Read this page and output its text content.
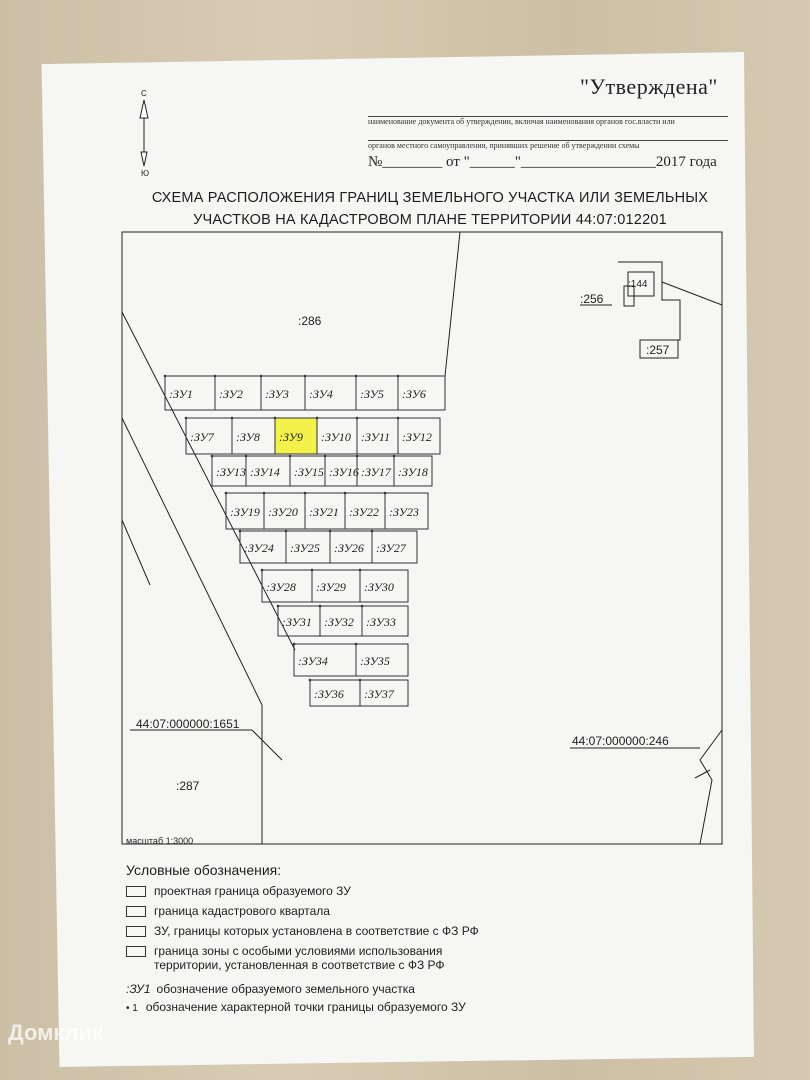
"Утверждена"
наименование документа об утверждении, включая наименования органов гос.власти или
органов местного самоуправления, принявших решение об утверждении схемы
№________ от "______"__________________2017 года
СХЕМА РАСПОЛОЖЕНИЯ ГРАНИЦ ЗЕМЕЛЬНОГО УЧАСТКА ИЛИ ЗЕМЕЛЬНЫХ
УЧАСТКОВ НА КАДАСТРОВОМ ПЛАНЕ ТЕРРИТОРИИ 44:07:012201
С
Ю
:286
:287
:256
:144
:257
44:07:000000:1651
44:07:000000:246
:ЗУ1 :ЗУ2 :ЗУ3 :ЗУ4 :ЗУ5 :ЗУ6
:ЗУ7 :ЗУ8 :ЗУ9 :ЗУ10 :ЗУ11 :ЗУ12
:ЗУ13 :ЗУ14 :ЗУ15 :ЗУ16 :ЗУ17 :ЗУ18
:ЗУ19 :ЗУ20 :ЗУ21 :ЗУ22 :ЗУ23
:ЗУ24 :ЗУ25 :ЗУ26 :ЗУ27
:ЗУ28 :ЗУ29 :ЗУ30
:ЗУ31 :ЗУ32 :ЗУ33
:ЗУ34	:ЗУ35
:ЗУ36 :ЗУ37
масштаб 1:3000
Условные обозначения:
проектная граница образуемого ЗУ
граница кадастрового квартала
ЗУ, границы которых установлена в соответствие с ФЗ РФ
граница зоны с особыми условиями использования
территории, установленная в соответствие с ФЗ РФ
:ЗУ1 обозначение образуемого земельного участка
• 1 обозначение характерной точки границы образуемого ЗУ
Домклик
